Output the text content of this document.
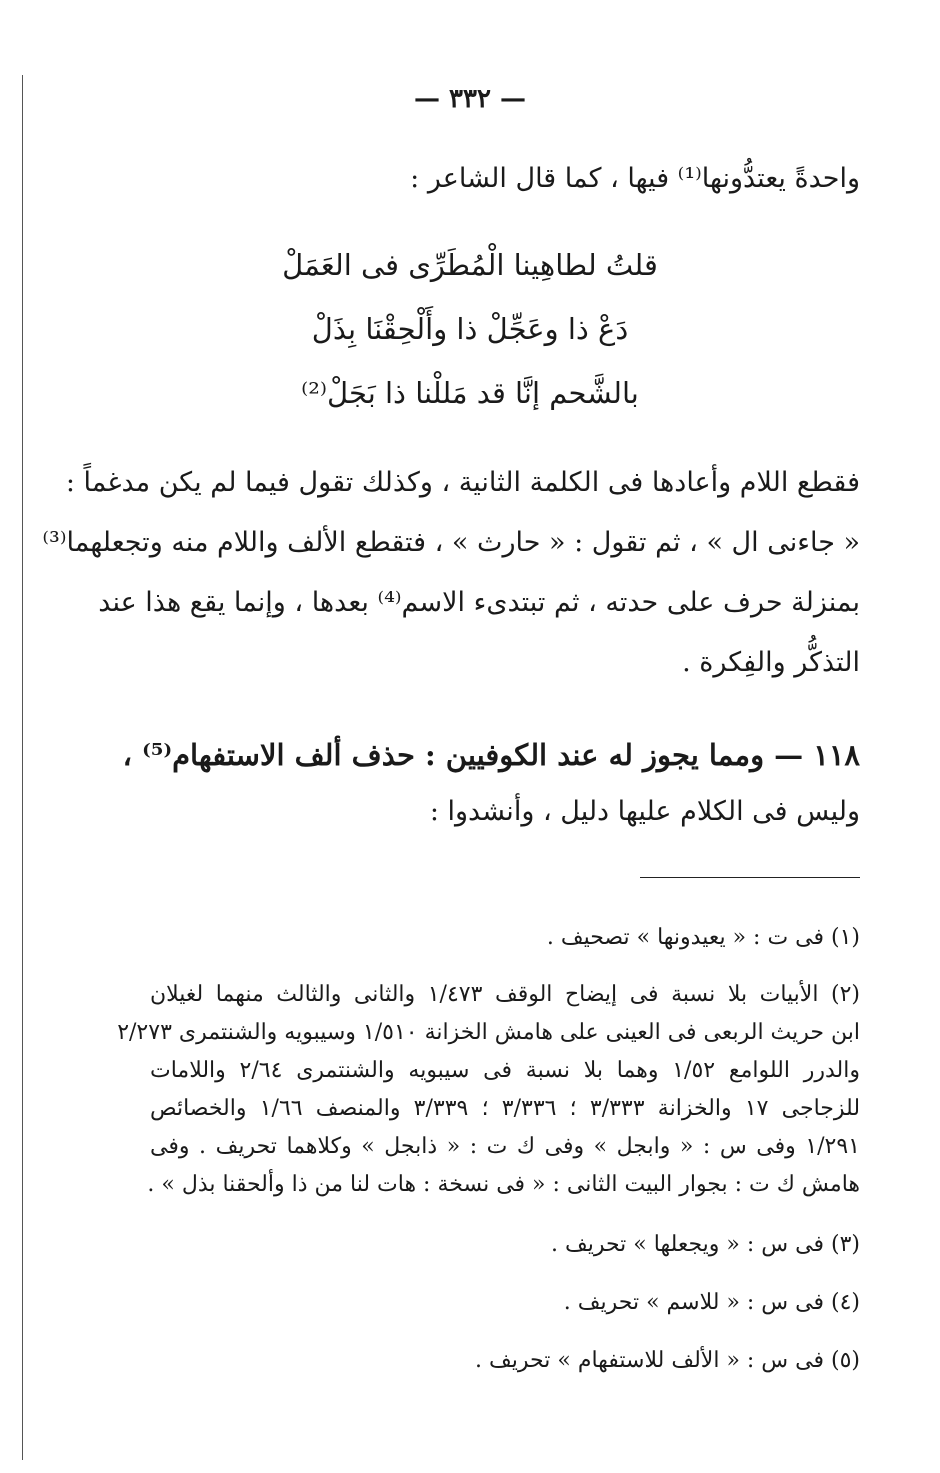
— ٣٣٢ —
واحدةً يعتدُّونها⁽¹⁾ فيها ، كما قال الشاعر :
قلتُ لطاهِينا الْمُطَرِّى فى العَمَلْ
دَعْ ذا وعَجِّلْ ذا وأَلْحِقْنَا بِذَلْ
بالشَّحم إنَّا قد مَللْنا ذا بَجَلْ⁽²⁾
فقطع اللام وأعادها فى الكلمة الثانية ، وكذلك تقول فيما لم يكن مدغماً :
« جاءنى ال » ، ثم تقول : « حارث » ، فتقطع الألف واللام منه وتجعلهما⁽³⁾
بمنزلة حرف على حدته ، ثم تبتدىء الاسم⁽⁴⁾ بعدها ، وإنما يقع هذا عند
التذكُّر والفِكرة .
١١٨ — ومما يجوز له عند الكوفيين : حذف ألف الاستفهام⁽⁵⁾ ،
وليس فى الكلام عليها دليل ، وأنشدوا :
(١) فى ت : « يعيدونها » تصحيف .
(٢) الأبيات بلا نسبة فى إيضاح الوقف ١/٤٧٣ والثانى والثالث منهما لغيلان
ابن حريث الربعى فى العينى على هامش الخزانة ١/٥١٠ وسيبويه والشنتمرى ٢/٢٧٣
والدرر اللوامع ١/٥٢ وهما بلا نسبة فى سيبويه والشنتمرى ٢/٦٤ واللامات
للزجاجى ١٧ والخزانة ٣/٣٣٣ ؛ ٣/٣٣٦ ؛ ٣/٣٣٩ والمنصف ١/٦٦ والخصائص
١/٢٩١ وفى س : « وابجل » وفى ك ت : « ذابجل » وكلاهما تحريف . وفى
هامش ك ت : بجوار البيت الثانى : « فى نسخة : هات لنا من ذا وألحقنا بذل » .
(٣) فى س : « ويجعلها » تحريف .
(٤) فى س : « للاسم » تحريف .
(٥) فى س : « الألف للاستفهام » تحريف .
